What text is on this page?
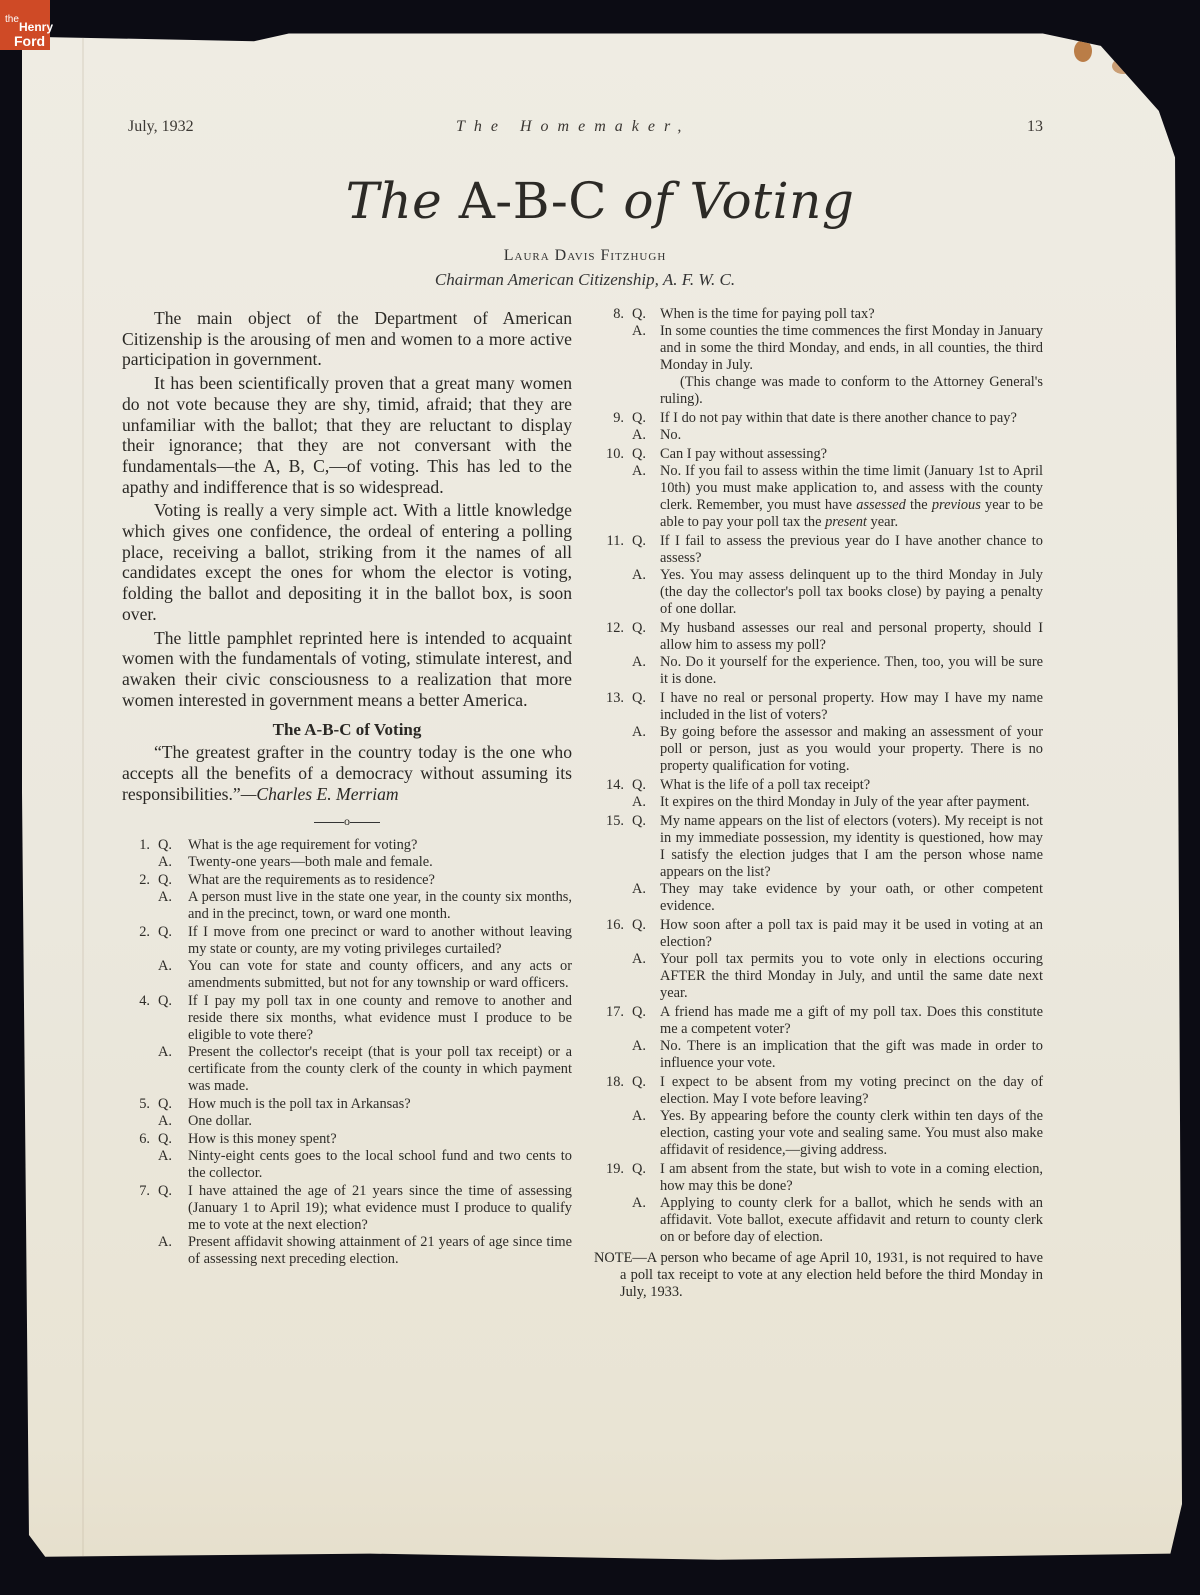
the
Henry
Ford
July, 1932	The Homemaker,	13
The A-B-C of Voting
Laura Davis Fitzhugh
Chairman American Citizenship, A. F. W. C.

The main object of the Department of American Citizenship is the arousing of men and women to a more active participation in government.

It has been scientifically proven that a great many women do not vote because they are shy, timid, afraid; that they are unfamiliar with the ballot; that they are reluctant to display their ignorance; that they are not conversant with the fundamentals—the A, B, C,—of voting. This has led to the apathy and indifference that is so widespread.

Voting is really a very simple act. With a little knowledge which gives one confidence, the ordeal of entering a polling place, receiving a ballot, striking from it the names of all candidates except the ones for whom the elector is voting, folding the ballot and depositing it in the ballot box, is soon over.

The little pamphlet reprinted here is intended to acquaint women with the fundamentals of voting, stimulate interest, and awaken their civic consciousness to a realization that more women interested in government means a better America.

The A-B-C of Voting

“The greatest grafter in the country today is the one who accepts all the benefits of a democracy without assuming its responsibilities.”—Charles E. Merriam

o
1. Q.	What is the age requirement for voting?
A.	Twenty-one years—both male and female.
2. Q.	What are the requirements as to residence?
A.	A person must live in the state one year, in the county six months, and in the precinct, town, or ward one month.
2. Q.	If I move from one precinct or ward to another without leaving my state or county, are my voting privileges curtailed?
A.	You can vote for state and county officers, and any acts or amendments submitted, but not for any township or ward officers.
4. Q.	If I pay my poll tax in one county and remove to another and reside there six months, what evidence must I produce to be eligible to vote there?
A.	Present the collector's receipt (that is your poll tax receipt) or a certificate from the county clerk of the county in which payment was made.
5. Q.	How much is the poll tax in Arkansas?
A.	One dollar.
6. Q.	How is this money spent?
A.	Ninty-eight cents goes to the local school fund and two cents to the collector.
7. Q.	I have attained the age of 21 years since the time of assessing (January 1 to April 19); what evidence must I produce to qualify me to vote at the next election?
A.	Present affidavit showing attainment of 21 years of age since time of assessing next preceding election.
8. Q. When is the time for paying poll tax?
A. In some counties the time commences the first Monday in January and in some the third Monday, and ends, in all counties, the third Monday in July.
(This change was made to conform to the Attorney General's ruling).
9. Q. If I do not pay within that date is there another chance to pay?
A. No.
10. Q. Can I pay without assessing?
A. No. If you fail to assess within the time limit (January 1st to April 10th) you must make application to, and assess with the county clerk. Remember, you must have assessed the previous year to be able to pay your poll tax the present year.
11. Q. If I fail to assess the previous year do I have another chance to assess?
A. Yes. You may assess delinquent up to the third Monday in July (the day the collector's poll tax books close) by paying a penalty of one dollar.
12. Q. My husband assesses our real and personal property, should I allow him to assess my poll?
A. No. Do it yourself for the experience. Then, too, you will be sure it is done.
13. Q. I have no real or personal property. How may I have my name included in the list of voters?
A. By going before the assessor and making an assessment of your poll or person, just as you would your property. There is no property qualification for voting.
14. Q. What is the life of a poll tax receipt?
A. It expires on the third Monday in July of the year after payment.
15. Q. My name appears on the list of electors (voters). My receipt is not in my immediate possession, my identity is questioned, how may I satisfy the election judges that I am the person whose name appears on the list?
A. They may take evidence by your oath, or other competent evidence.
16. Q. How soon after a poll tax is paid may it be used in voting at an election?
A. Your poll tax permits you to vote only in elections occuring AFTER the third Monday in July, and until the same date next year.
17. Q. A friend has made me a gift of my poll tax. Does this constitute me a competent voter?
A. No. There is an implication that the gift was made in order to influence your vote.
18. Q. I expect to be absent from my voting precinct on the day of election. May I vote before leaving?
A. Yes. By appearing before the county clerk within ten days of the election, casting your vote and sealing same. You must also make affidavit of residence,—giving address.
19. Q. I am absent from the state, but wish to vote in a coming election, how may this be done?
A. Applying to county clerk for a ballot, which he sends with an affidavit. Vote ballot, execute affidavit and return to county clerk on or before day of election.
NOTE—A person who became of age April 10, 1931, is not required to have a poll tax receipt to vote at any election held before the third Monday in July, 1933.
